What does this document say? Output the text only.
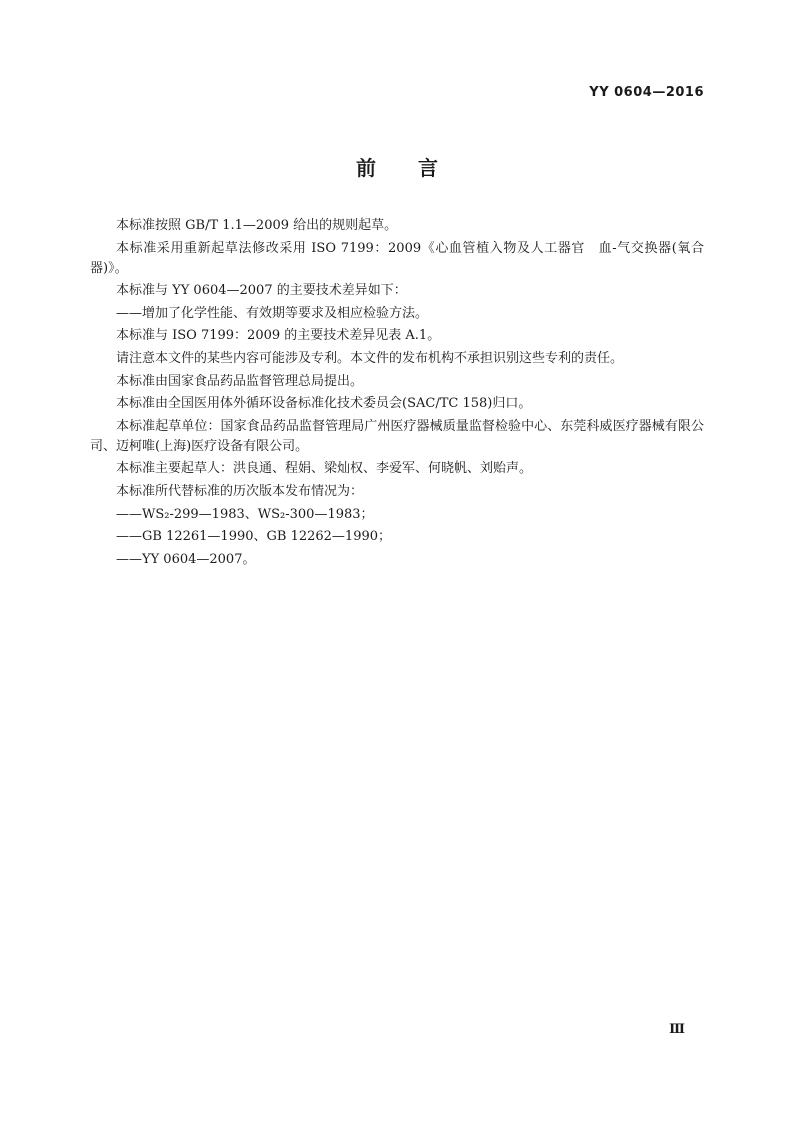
YY 0604—2016
前言

本标准按照 GB/T 1.1—2009 给出的规则起草。

本标准采用重新起草法修改采用 ISO 7199：2009《心血管植入物及人工器官　血-气交换器(氧合器)》。

本标准与 YY 0604—2007 的主要技术差异如下：

——增加了化学性能、有效期等要求及相应检验方法。

本标准与 ISO 7199：2009 的主要技术差异见表 A.1。

请注意本文件的某些内容可能涉及专利。本文件的发布机构不承担识别这些专利的责任。

本标准由国家食品药品监督管理总局提出。

本标准由全国医用体外循环设备标准化技术委员会(SAC/TC 158)归口。

本标准起草单位：国家食品药品监督管理局广州医疗器械质量监督检验中心、东莞科威医疗器械有限公司、迈柯唯(上海)医疗设备有限公司。

本标准主要起草人：洪良通、程娟、梁灿权、李爱军、何晓帆、刘贻声。

本标准所代替标准的历次版本发布情况为：

——WS₂-299—1983、WS₂-300—1983；

——GB 12261—1990、GB 12262—1990；

——YY 0604—2007。

Ⅲ
